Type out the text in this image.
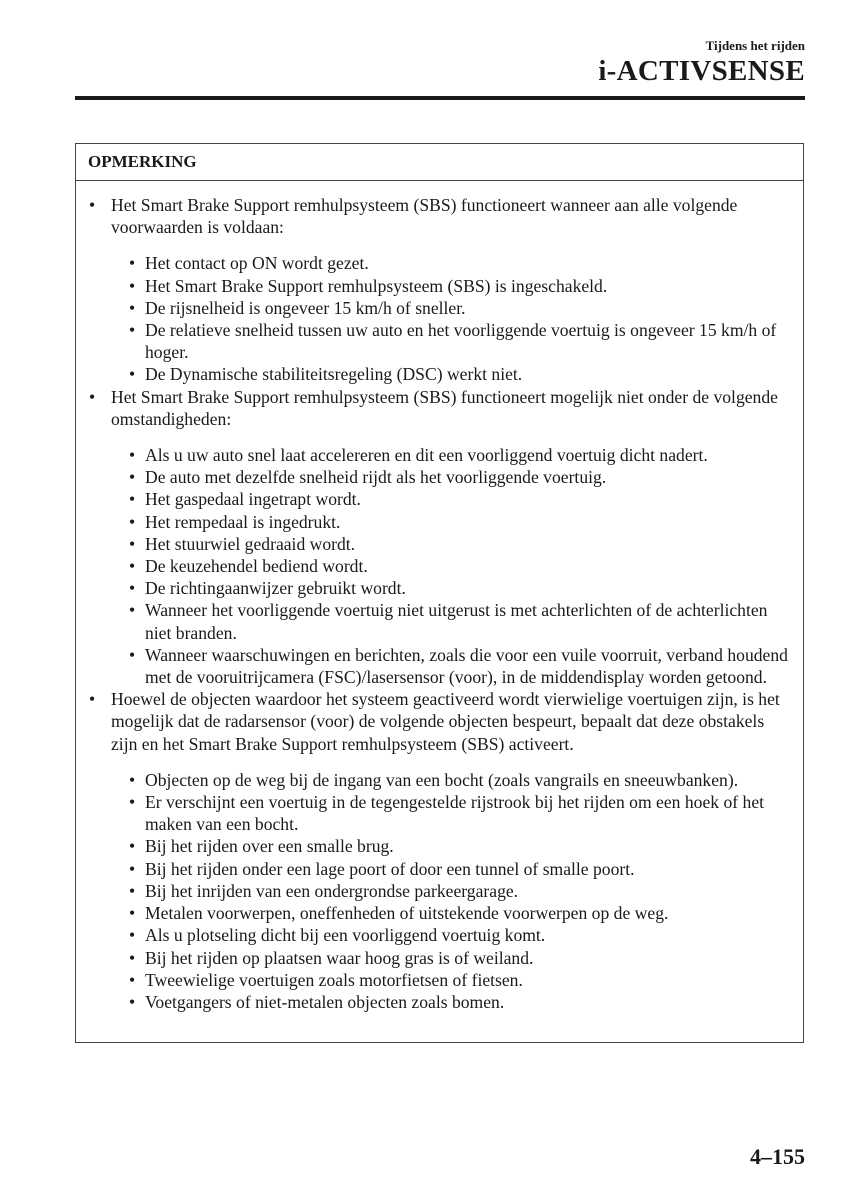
Tijdens het rijden
i-ACTIVSENSE
OPMERKING
• Het Smart Brake Support remhulpsysteem (SBS) functioneert wanneer aan alle volgende voorwaarden is voldaan:
• Het contact op ON wordt gezet.
• Het Smart Brake Support remhulpsysteem (SBS) is ingeschakeld.
• De rijsnelheid is ongeveer 15 km/h of sneller.
• De relatieve snelheid tussen uw auto en het voorliggende voertuig is ongeveer 15 km/h of hoger.
• De Dynamische stabiliteitsregeling (DSC) werkt niet.
• Het Smart Brake Support remhulpsysteem (SBS) functioneert mogelijk niet onder de volgende omstandigheden:
• Als u uw auto snel laat accelereren en dit een voorliggend voertuig dicht nadert.
• De auto met dezelfde snelheid rijdt als het voorliggende voertuig.
• Het gaspedaal ingetrapt wordt.
• Het rempedaal is ingedrukt.
• Het stuurwiel gedraaid wordt.
• De keuzehendel bediend wordt.
• De richtingaanwijzer gebruikt wordt.
• Wanneer het voorliggende voertuig niet uitgerust is met achterlichten of de achterlichten niet branden.
• Wanneer waarschuwingen en berichten, zoals die voor een vuile voorruit, verband houdend met de vooruitrijcamera (FSC)/lasersensor (voor), in de middendisplay worden getoond.
• Hoewel de objecten waardoor het systeem geactiveerd wordt vierwielige voertuigen zijn, is het mogelijk dat de radarsensor (voor) de volgende objecten bespeurt, bepaalt dat deze obstakels zijn en het Smart Brake Support remhulpsysteem (SBS) activeert.
• Objecten op de weg bij de ingang van een bocht (zoals vangrails en sneeuwbanken).
• Er verschijnt een voertuig in de tegengestelde rijstrook bij het rijden om een hoek of het maken van een bocht.
• Bij het rijden over een smalle brug.
• Bij het rijden onder een lage poort of door een tunnel of smalle poort.
• Bij het inrijden van een ondergrondse parkeergarage.
• Metalen voorwerpen, oneffenheden of uitstekende voorwerpen op de weg.
• Als u plotseling dicht bij een voorliggend voertuig komt.
• Bij het rijden op plaatsen waar hoog gras is of weiland.
• Tweewielige voertuigen zoals motorfietsen of fietsen.
• Voetgangers of niet-metalen objecten zoals bomen.
4–155
